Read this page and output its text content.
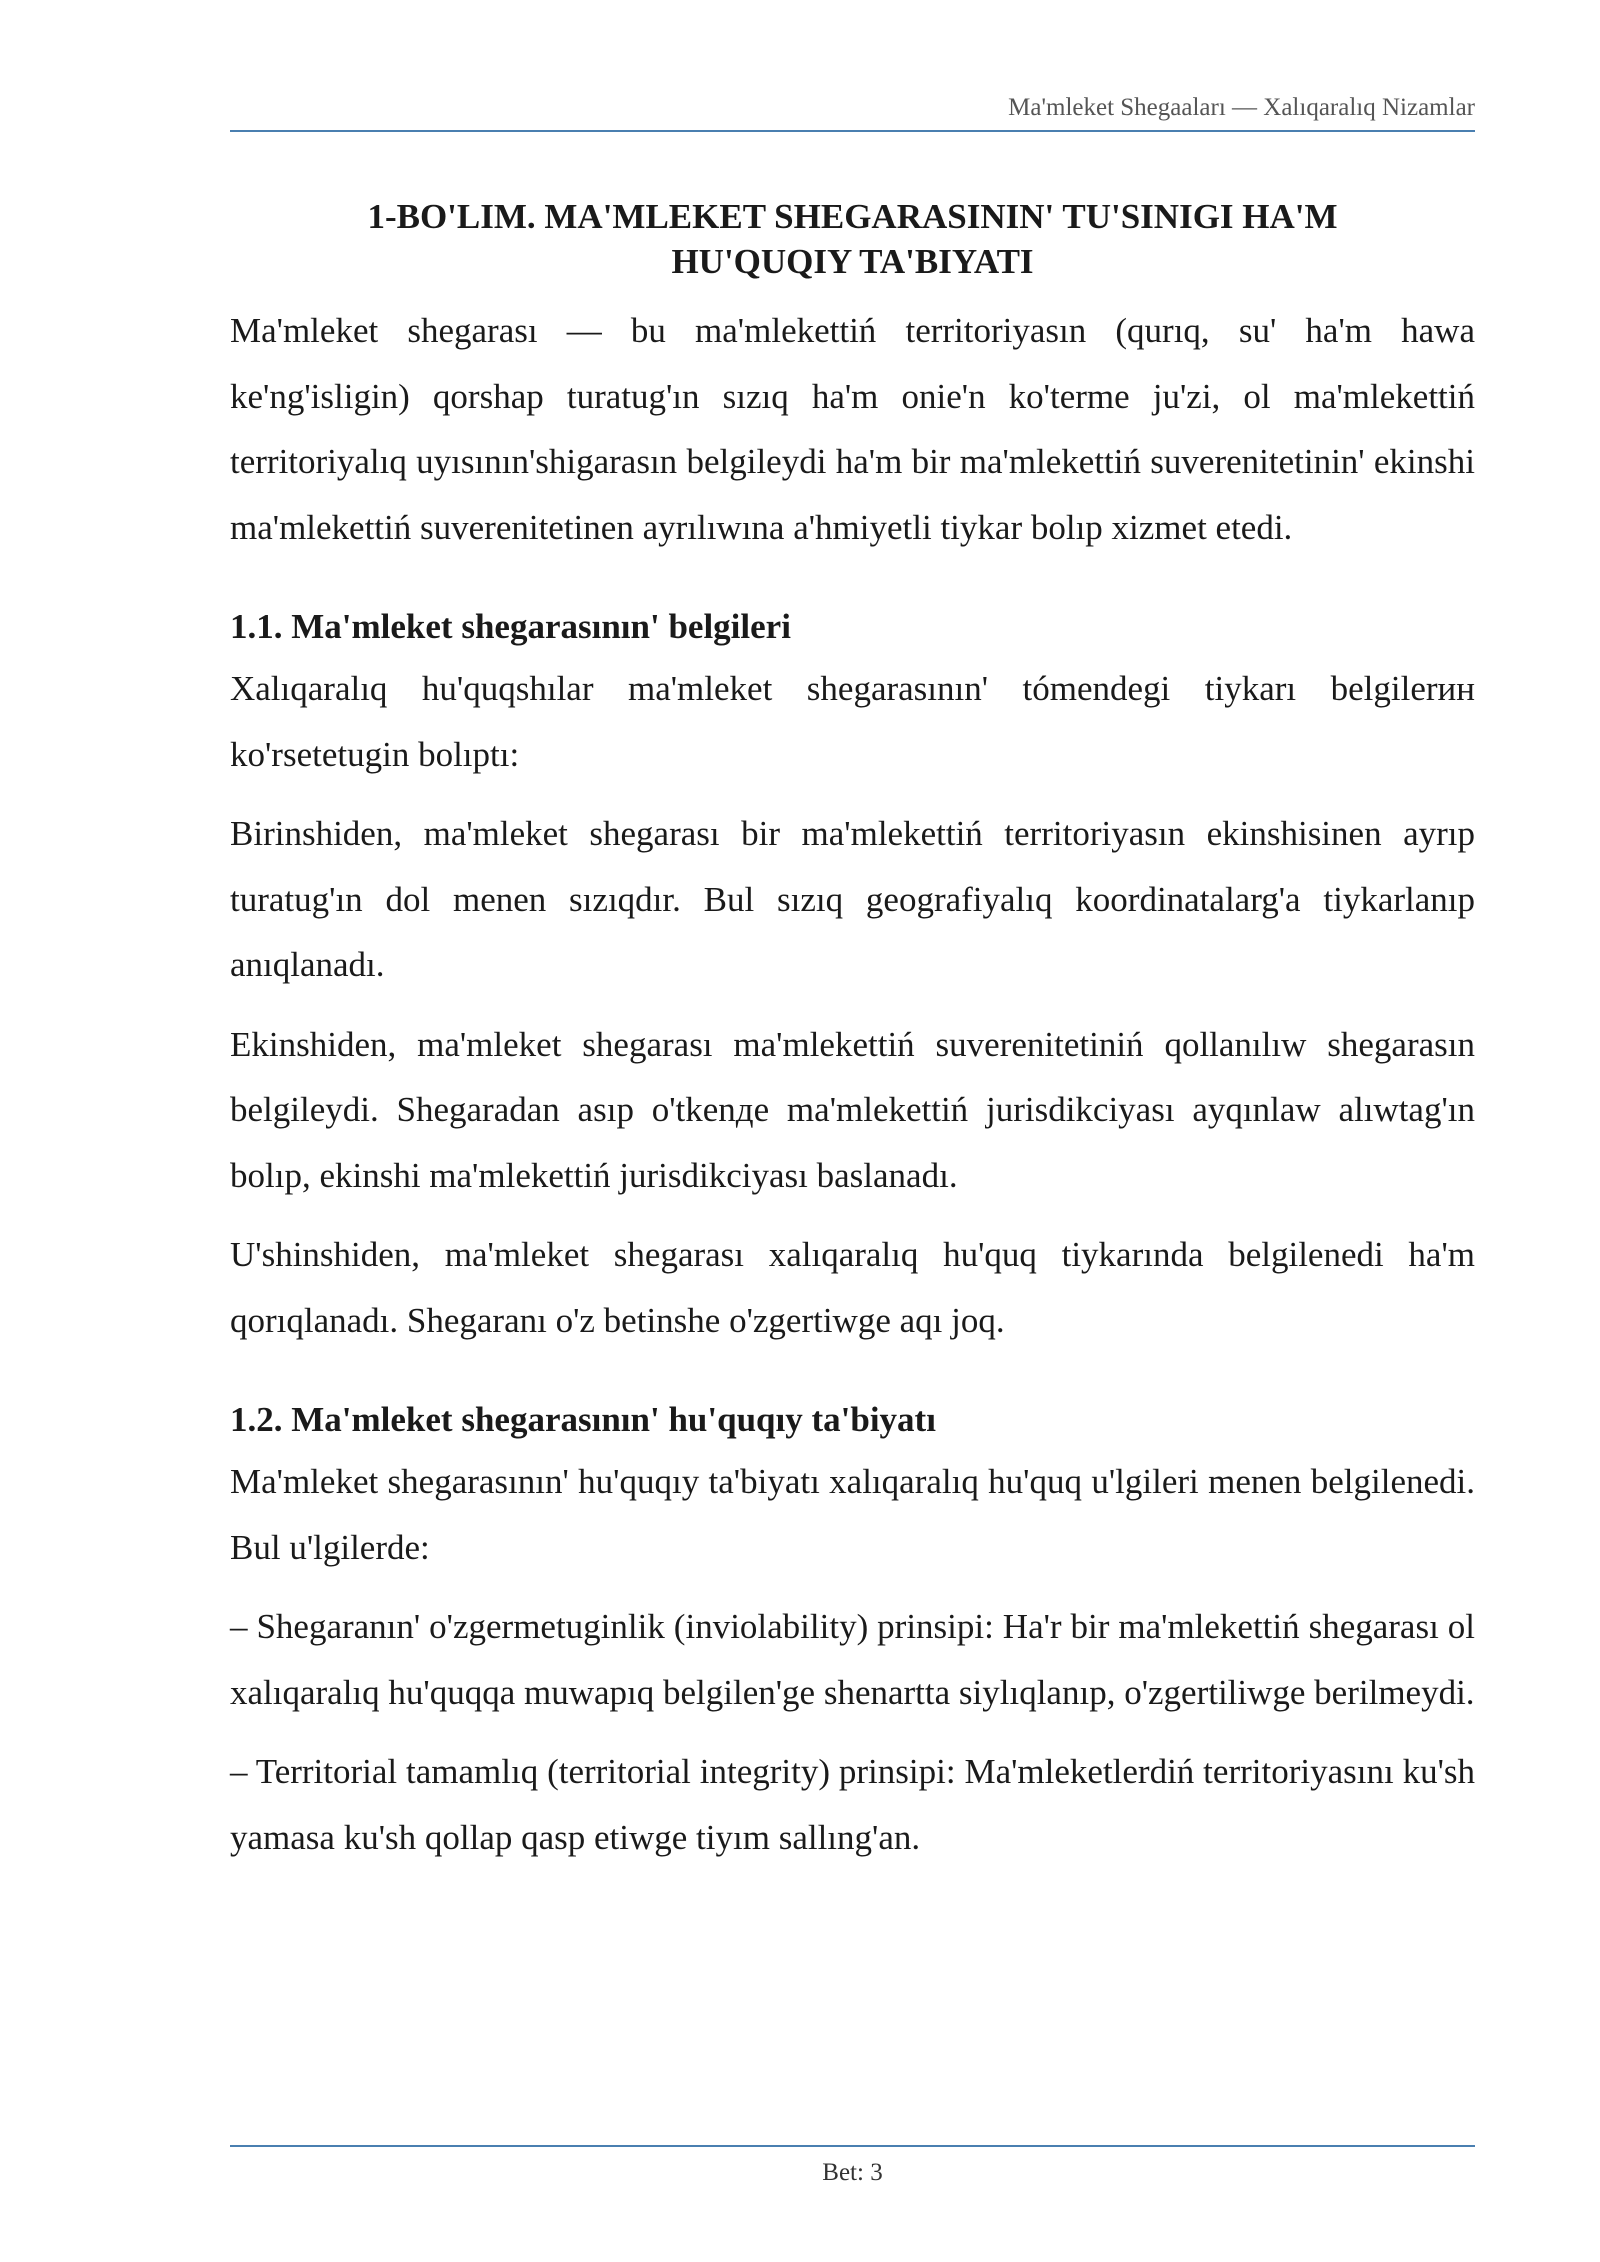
Ma'mleket Shegaaları — Xalıqaralıq Nizamlar
1-BO'LIM. MA'MLEKET SHEGARASININ' TU'SINIGI HA'M HU'QUQIY TA'BIYATI

Ma'mleket shegarası — bu ma'mlekettiń territoriyasın (qurıq, su' ha'm hawa ke'ng'isligin) qorshap turatug'ın sızıq ha'm onie'n ko'terme ju'zi, ol ma'mlekettiń territoriyalıq uyısının'shigarasın belgileydi ha'm bir ma'mlekettiń suverenitetinin' ekinshi ma'mlekettiń suverenitetinen ayrılıwına a'hmiyetli tiykar bolıp xizmet etedi.

1.1. Ma'mleket shegarasının' belgileri

Xalıqaralıq hu'quqshılar ma'mleket shegarasının' tómendegi tiykarı belgilerин ko'rsetetugin bolıptı:

Birinshiden, ma'mleket shegarası bir ma'mlekettiń territoriyasın ekinshisinen ayrıp turatug'ın dol menen sızıqdır. Bul sızıq geografiyalıq koordinatalarg'a tiykarlanıp anıqlanadı.

Ekinshiden, ma'mleket shegarası ma'mlekettiń suverenitetiniń qollanılıw shegarasın belgileydi. Shegaradan asıp o'tkenде ma'mlekettiń jurisdikciyası ayqınlaw alıwtag'ın bolıp, ekinshi ma'mlekettiń jurisdikciyası baslanadı.

U'shinshiden, ma'mleket shegarası xalıqaralıq hu'quq tiykarında belgilenedi ha'm qorıqlanadı. Shegaranı o'z betinshe o'zgertiwge aqı joq.

1.2. Ma'mleket shegarasının' hu'quqıy ta'biyatı

Ma'mleket shegarasının' hu'quqıy ta'biyatı xalıqaralıq hu'quq u'lgileri menen belgilenedi. Bul u'lgilerde:

– Shegaranın' o'zgermetuginlik (inviolability) prinsipi: Ha'r bir ma'mlekettiń shegarası ol xalıqaralıq hu'quqqa muwapıq belgilen'ge shenartta siylıqlanıp, o'zgertiliwge berilmeydi.

– Territorial tamamlıq (territorial integrity) prinsipi: Ma'mleketlerdiń territoriyasını ku'sh yamasa ku'sh qollap qasp etiwge tiyım sallıng'an.

Bet: 3
